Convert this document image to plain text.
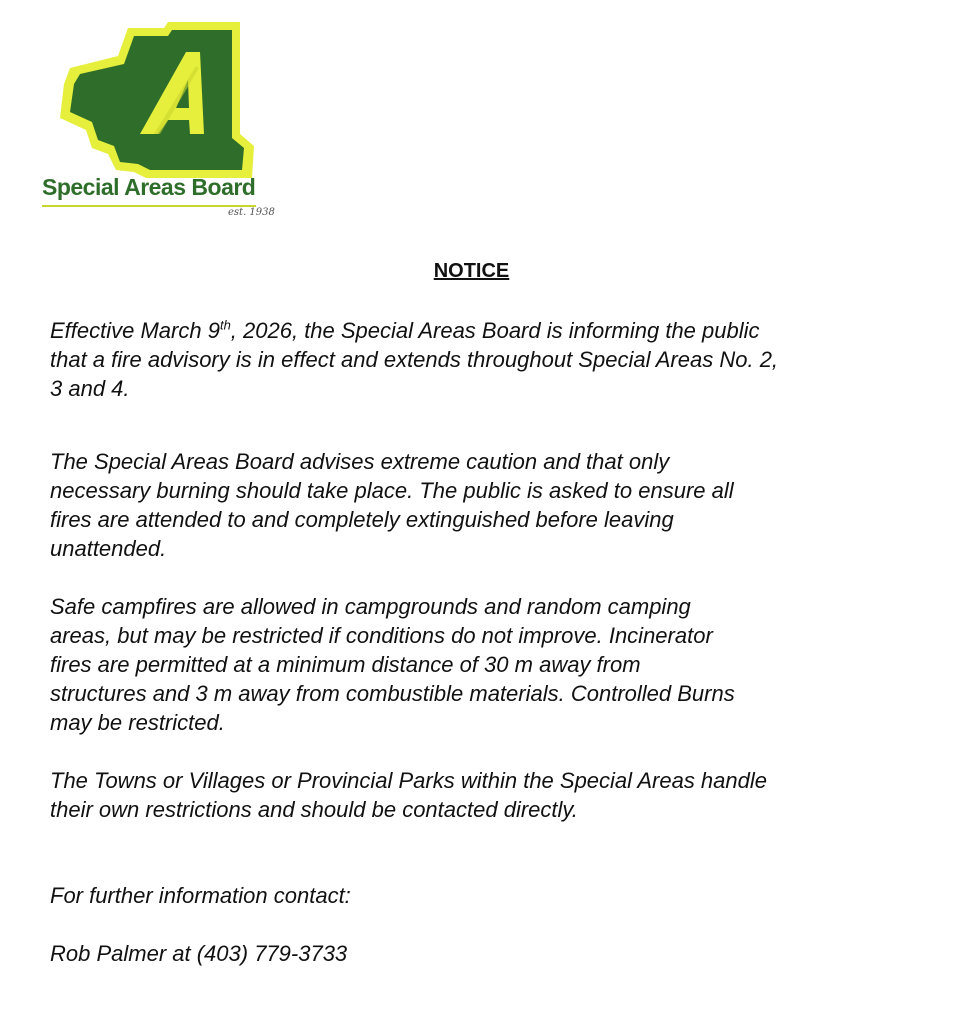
Special Areas Board
est. 1938
NOTICE

Effective March 9th, 2026, the Special Areas Board is informing the public
that a fire advisory is in effect and extends throughout Special Areas No. 2,
3 and 4.

The Special Areas Board advises extreme caution and that only
necessary burning should take place. The public is asked to ensure all
fires are attended to and completely extinguished before leaving
unattended.

Safe campfires are allowed in campgrounds and random camping
areas, but may be restricted if conditions do not improve. Incinerator
fires are permitted at a minimum distance of 30 m away from
structures and 3 m away from combustible materials. Controlled Burns
may be restricted.

The Towns or Villages or Provincial Parks within the Special Areas handle
their own restrictions and should be contacted directly.

For further information contact:

Rob Palmer at (403) 779-3733
